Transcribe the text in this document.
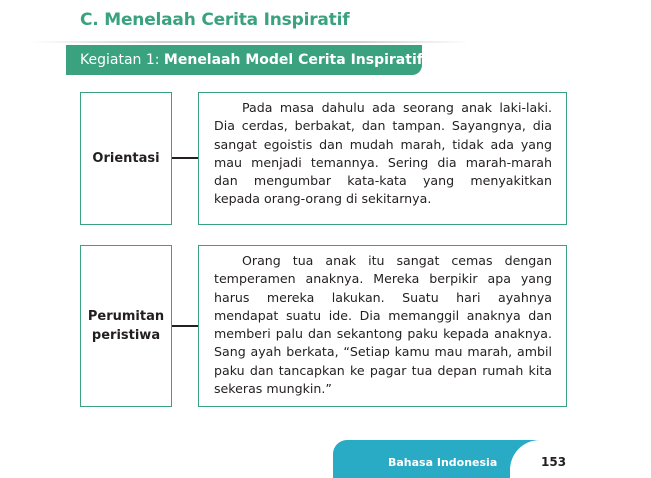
C. Menelaah Cerita Inspiratif
Kegiatan 1: Menelaah Model Cerita Inspiratif
Orientasi

Pada masa dahulu ada seorang anak laki-laki. Dia cerdas, berbakat, dan tampan. Sayangnya, dia sangat egoistis dan mudah marah, tidak ada yang mau menjadi temannya. Sering dia marah-marah dan mengumbar kata-kata yang menyakitkan kepada orang-orang di sekitarnya.

Perumitan peristiwa

Orang tua anak itu sangat cemas dengan temperamen anaknya. Mereka berpikir apa yang harus mereka lakukan. Suatu hari ayahnya mendapat suatu ide. Dia memanggil anaknya dan memberi palu dan sekantong paku kepada anaknya. Sang ayah berkata, “Setiap kamu mau marah, ambil paku dan tancapkan ke pagar tua depan rumah kita sekeras mungkin.”

Bahasa Indonesia	153
